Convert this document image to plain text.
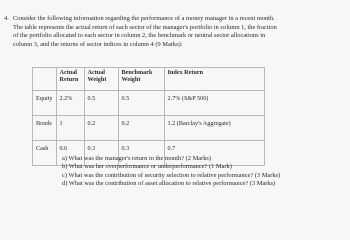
4. Consider the following information regarding the performance of a money manager in a recent month.
The table represents the actual return of each sector of the manager's portfolio in column 1, the fraction
of the portfolio allocated to each sector in column 2, the benchmark or neutral sector allocations in
column 3, and the returns of sector indices in column 4 (9 Marks):
	Actual Return	Actual Weight	Benchmark Weight	Index Return
Equity	2.2%	0.5	0.5	2.7% (S&P 500)
Bonds	1	0.2	0.2	1.2 (Barclay's Aggregate)
Cash	0.6	0.3	0.3	0.7
a) What was the manager's return in the month? (2 Marks)
b) What was her overperformance or underperformance? (1 Mark)
c) What was the contribution of security selection to relative performance? (3 Marks)
d) What was the contribution of asset allocation to relative performance? (3 Marks)
